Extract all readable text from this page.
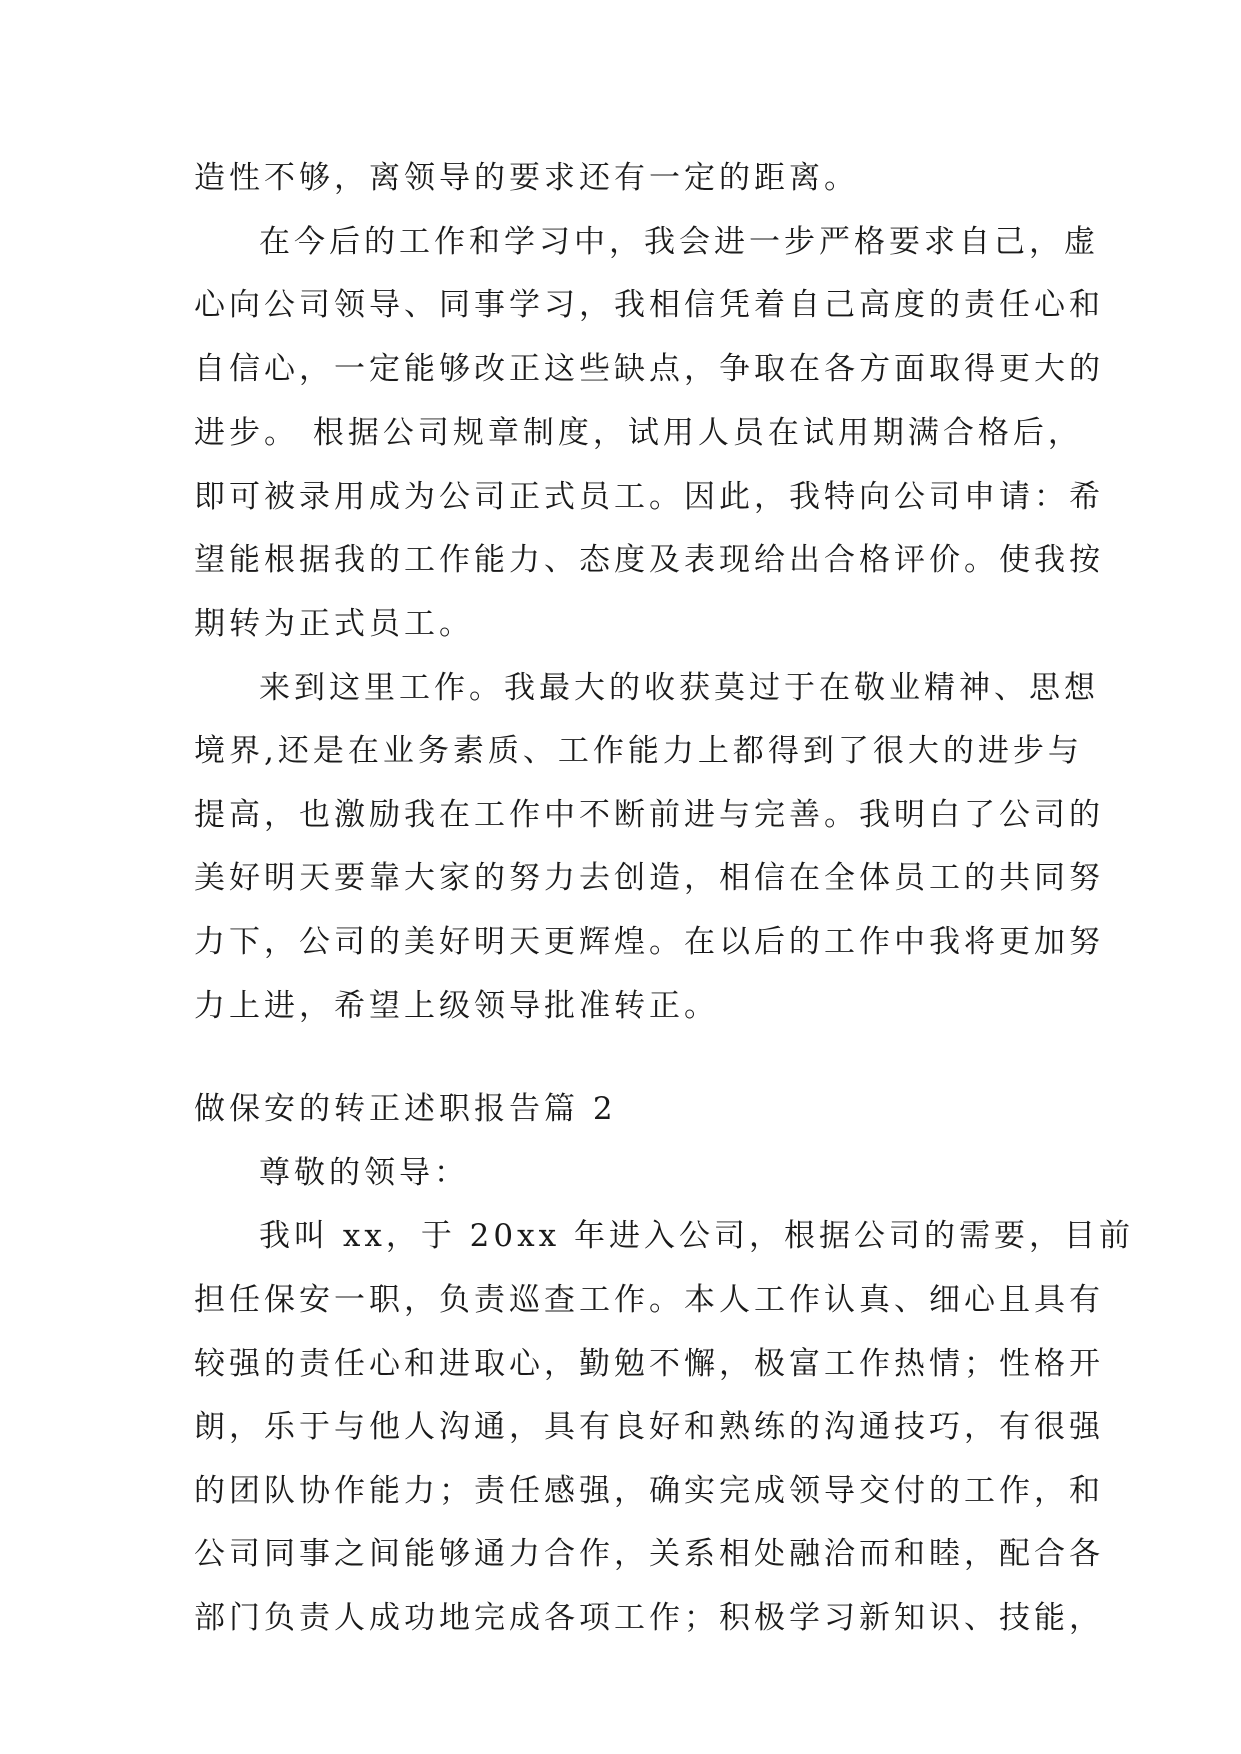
造性不够，离领导的要求还有一定的距离。
在今后的工作和学习中，我会进一步严格要求自己，虚
心向公司领导、同事学习，我相信凭着自己高度的责任心和
自信心，一定能够改正这些缺点，争取在各方面取得更大的
进步。 根据公司规章制度，试用人员在试用期满合格后，
即可被录用成为公司正式员工。因此，我特向公司申请：希
望能根据我的工作能力、态度及表现给出合格评价。使我按
期转为正式员工。
来到这里工作。我最大的收获莫过于在敬业精神、思想
境界,还是在业务素质、工作能力上都得到了很大的进步与
提高，也激励我在工作中不断前进与完善。我明白了公司的
美好明天要靠大家的努力去创造，相信在全体员工的共同努
力下，公司的美好明天更辉煌。在以后的工作中我将更加努
力上进，希望上级领导批准转正。
做保安的转正述职报告篇 2
尊敬的领导：
我叫 xx，于 20xx 年进入公司，根据公司的需要，目前
担任保安一职，负责巡查工作。本人工作认真、细心且具有
较强的责任心和进取心，勤勉不懈，极富工作热情；性格开
朗，乐于与他人沟通，具有良好和熟练的沟通技巧，有很强
的团队协作能力；责任感强，确实完成领导交付的工作，和
公司同事之间能够通力合作，关系相处融洽而和睦，配合各
部门负责人成功地完成各项工作；积极学习新知识、技能，
